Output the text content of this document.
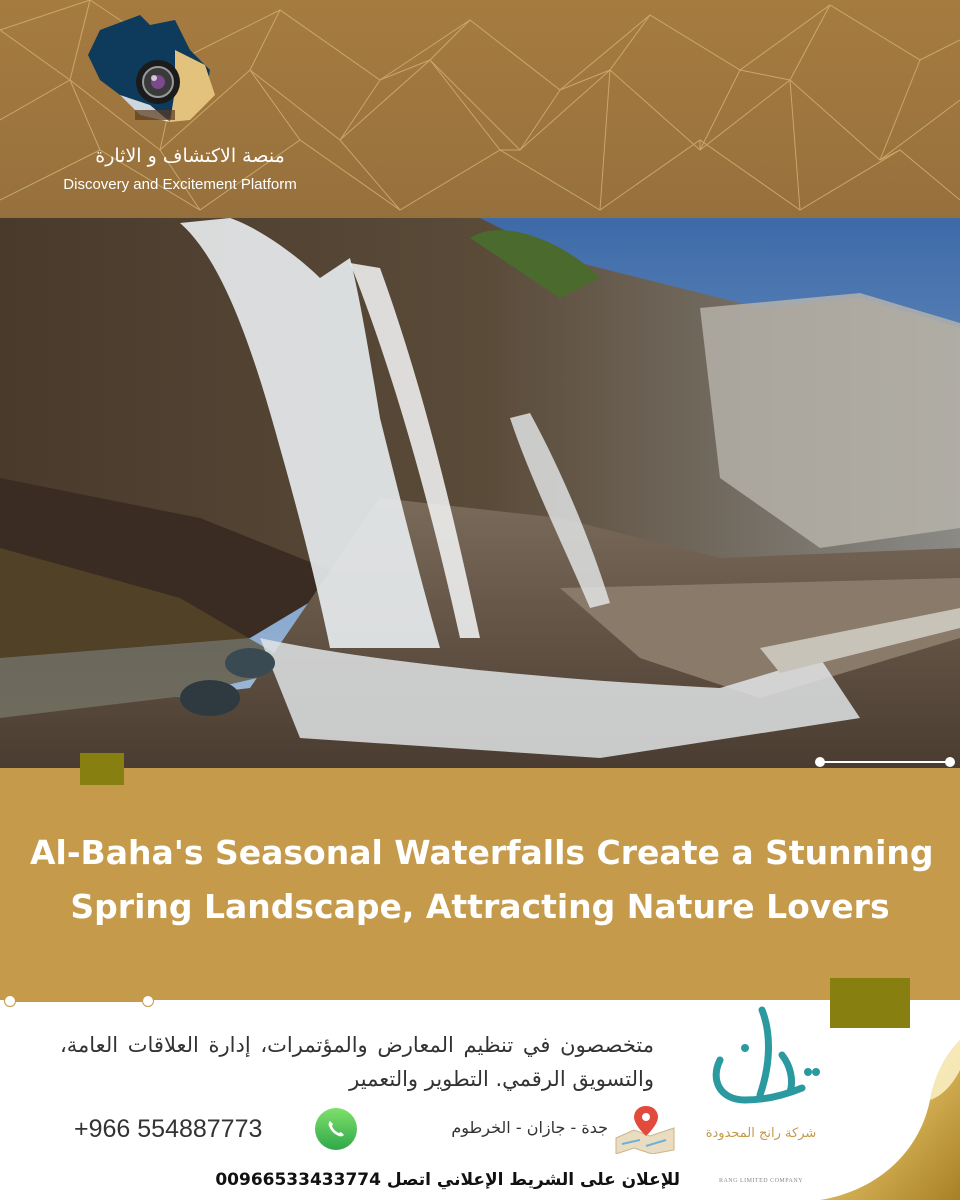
منصة الاكتشاف و الاثارة
Discovery and Excitement Platform
Al-Baha's Seasonal Waterfalls Create a Stunning
Spring Landscape, Attracting Nature Lovers
متخصصون في تنظيم المعارض والمؤتمرات، إدارة العلاقات العامة، والتسويق الرقمي. التطوير والتعمير
+966 554887773	جدة - جازان - الخرطوم
للإعلان على الشريط الإعلاني اتصل 00966533433774
شركة رانج المحدودة
RANG LIMITED COMPANY
